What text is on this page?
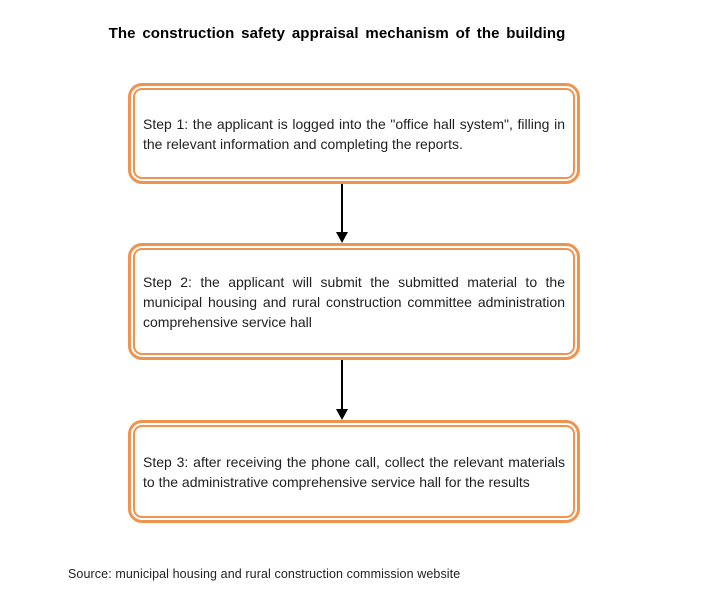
The construction safety appraisal mechanism of the building
Step 1: the applicant is logged into the "office hall system", filling in the relevant information and completing the reports.
Step 2: the applicant will submit the submitted material to the municipal housing and rural construction committee administration comprehensive service hall
Step 3: after receiving the phone call, collect the relevant materials to the administrative comprehensive service hall for the results
Source: municipal housing and rural construction commission website
